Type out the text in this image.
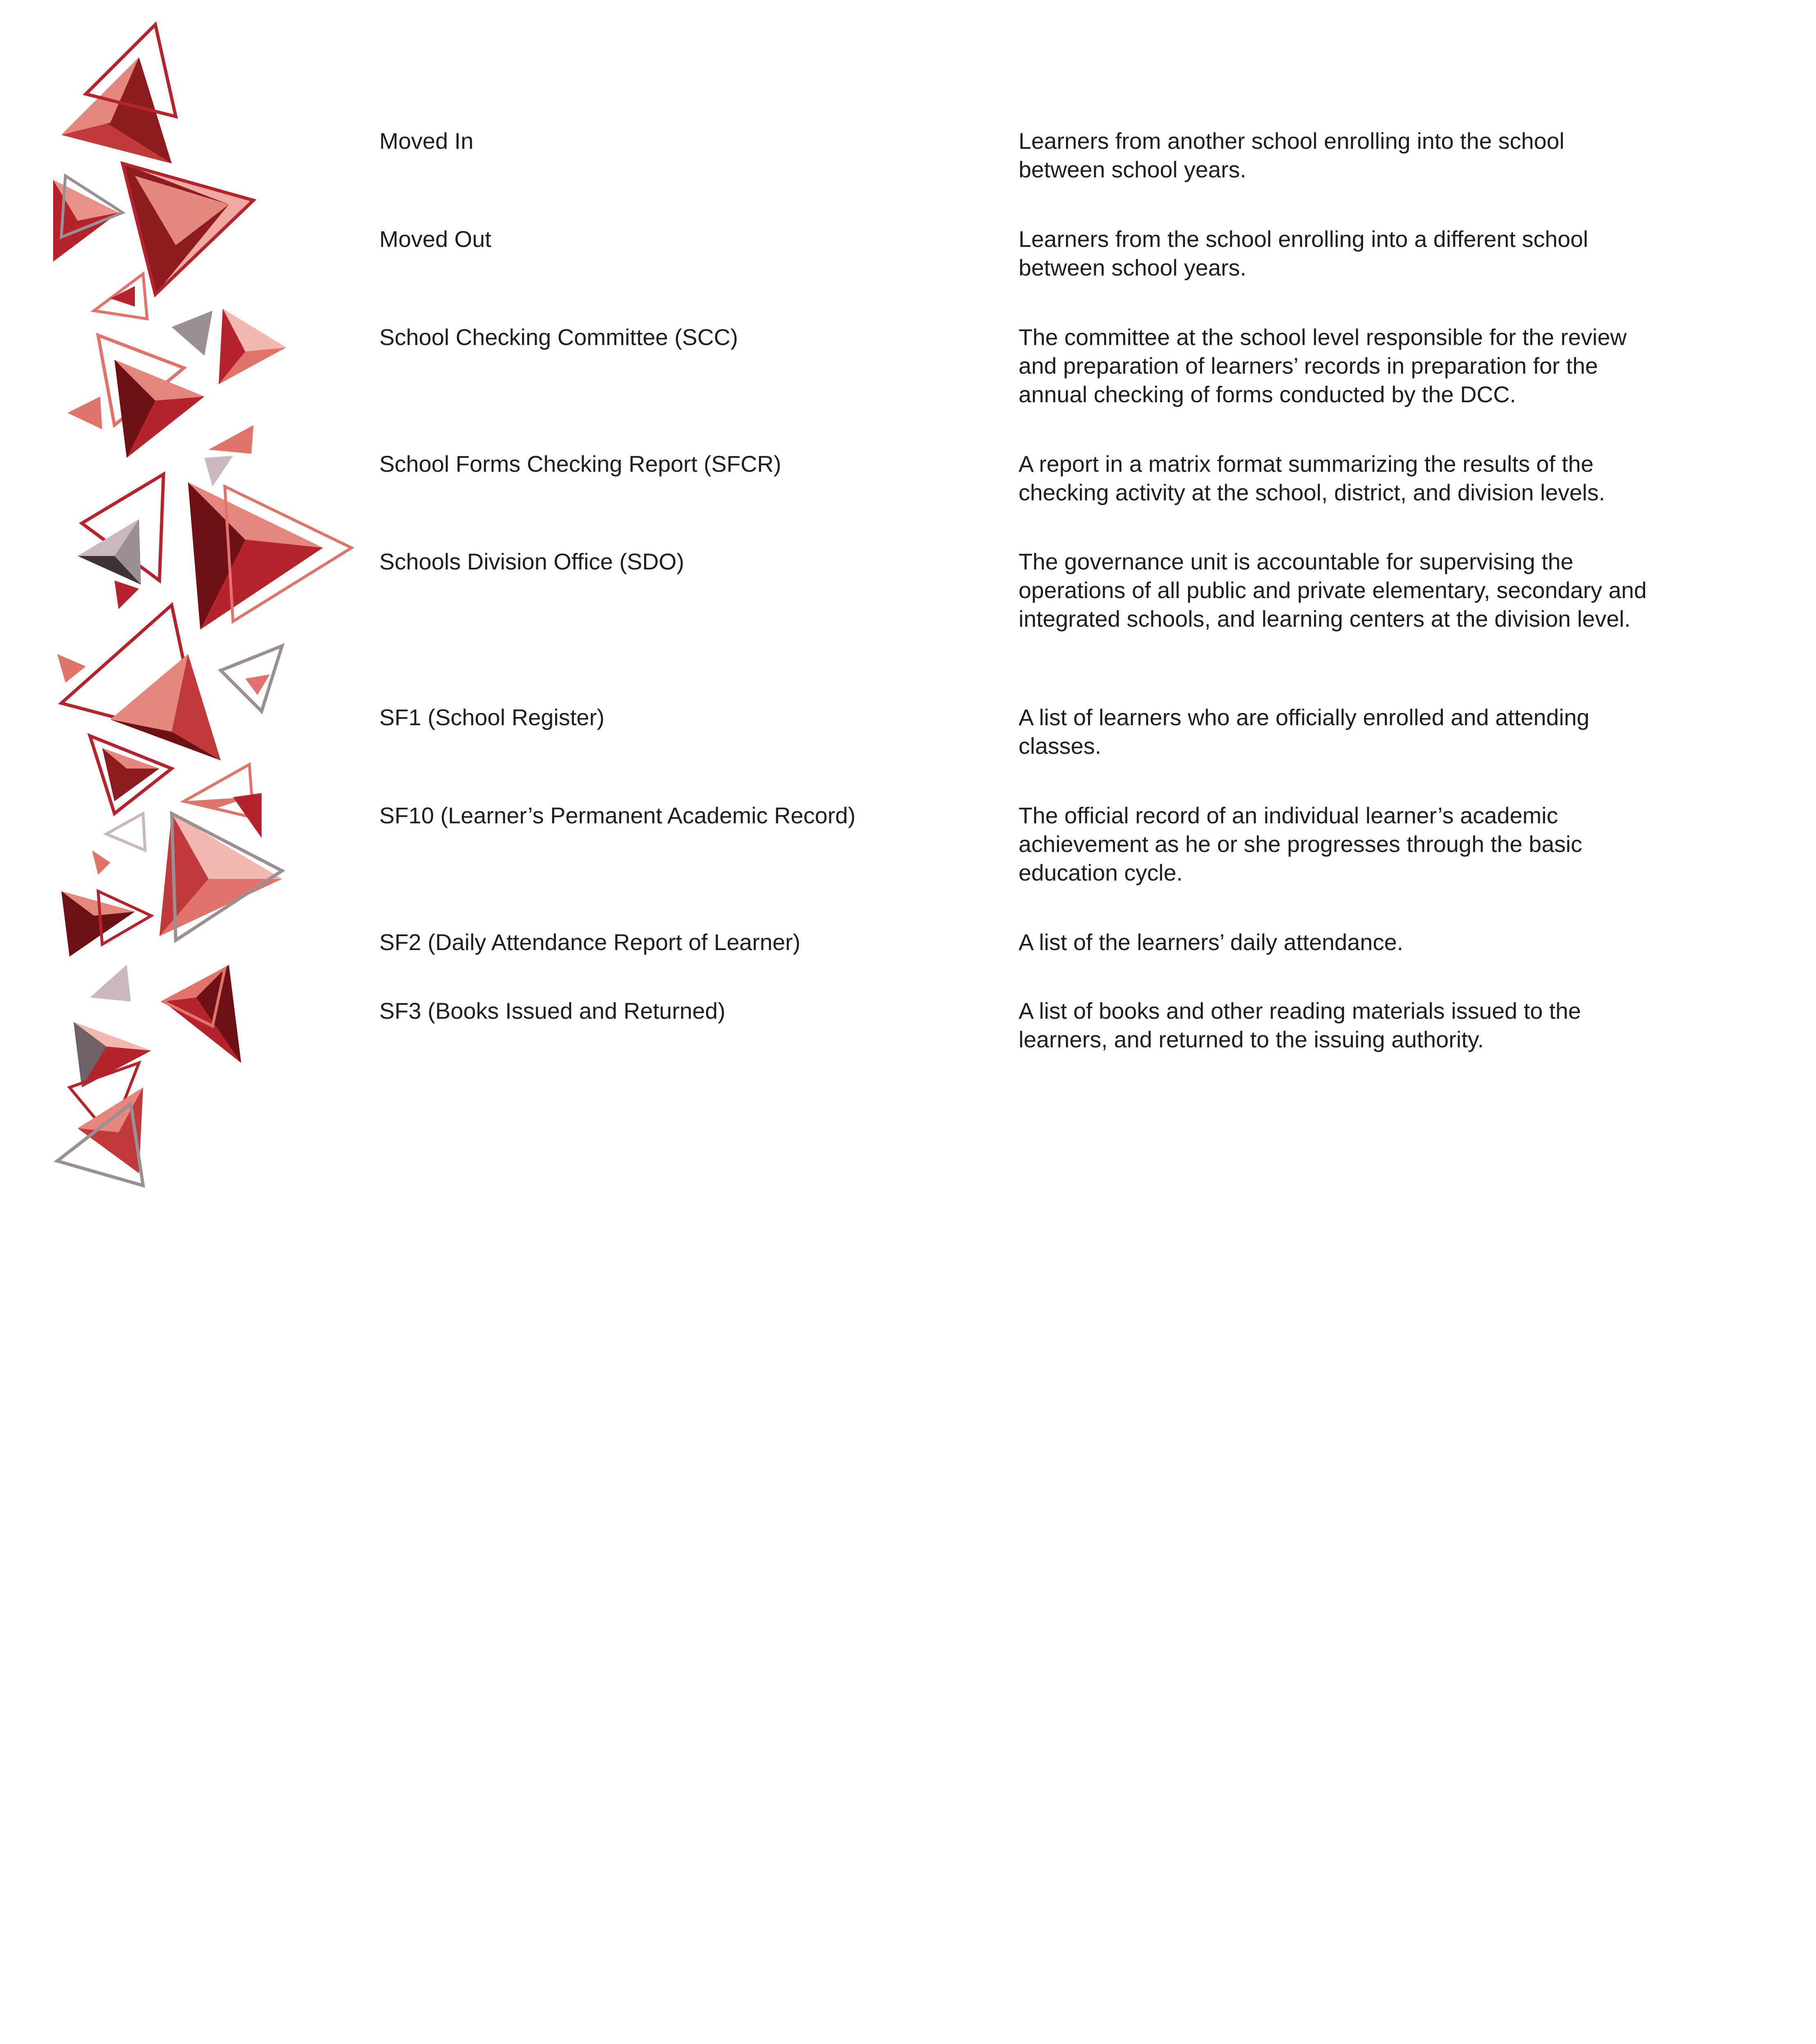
Moved In	Learners from another school enrolling into the school between school years.

Moved Out	Learners from the school enrolling into a different school between school years.

School Checking Committee (SCC)	The committee at the school level responsible for the review and preparation of learners’ records in preparation for the annual checking of forms conducted by the DCC.

School Forms Checking Report (SFCR)	A report in a matrix format summarizing the results of the checking activity at the school, district, and division levels.

Schools Division Office (SDO)	The governance unit is accountable for supervising the operations of all public and private elementary, secondary and integrated schools, and learning centers at the division level.

SF1 (School Register)	A list of learners who are officially enrolled and attending classes.

SF10 (Learner’s Permanent Academic Record)	The official record of an individual learner’s academic achievement as he or she progresses through the basic education cycle.

SF2 (Daily Attendance Report of Learner)	A list of the learners’ daily attendance.

SF3 (Books Issued and Returned)	A list of books and other reading materials issued to the learners, and returned to the issuing authority.
